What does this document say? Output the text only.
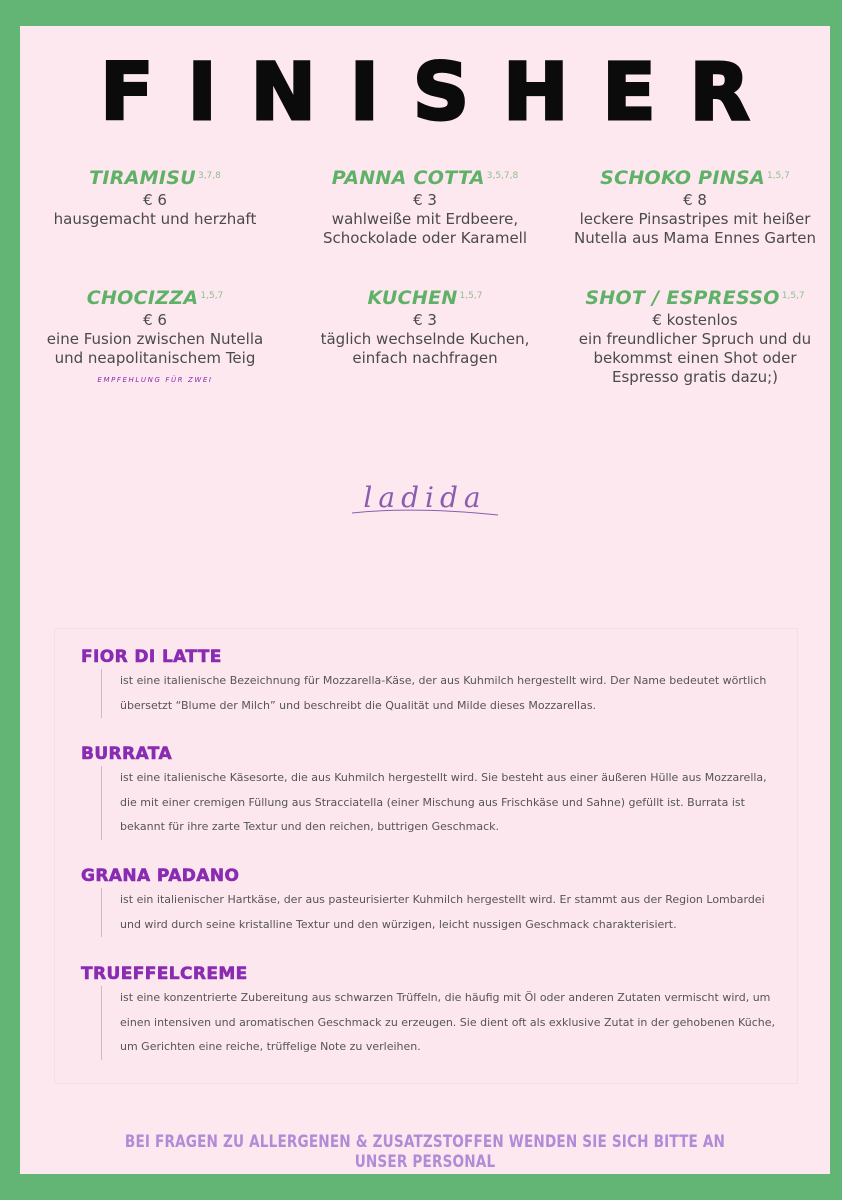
FINISHER
TIRAMISU $^{3,7,8}$
€ 6
hausgemacht und herzhaft
PANNA COTTA $^{3,5,7,8}$
€ 3
wahlweiße mit Erdbeere,
Schockolade oder Karamell
SCHOKO PINSA $^{1,5,7}$
€ 8
leckere Pinsastripes mit heißer
Nutella aus Mama Ennes Garten
CHOCIZZA $^{1,5,7}$
€ 6
eine Fusion zwischen Nutella
und neapolitanischem Teig
EMPFEHLUNG FÜR ZWEI
KUCHEN $^{1,5,7}$
€ 3
täglich wechselnde Kuchen,
einfach nachfragen
SHOT / ESPRESSO $^{1,5,7}$
€ kostenlos
ein freundlicher Spruch und du
bekommst einen Shot oder
Espresso gratis dazu;)
ladida
FIOR DI LATTE
ist eine italienische Bezeichnung für Mozzarella-Käse, der aus Kuhmilch hergestellt wird. Der Name bedeutet wörtlich
übersetzt “Blume der Milch” und beschreibt die Qualität und Milde dieses Mozzarellas.
BURRATA
ist eine italienische Käsesorte, die aus Kuhmilch hergestellt wird. Sie besteht aus einer äußeren Hülle aus Mozzarella,
die mit einer cremigen Füllung aus Stracciatella (einer Mischung aus Frischkäse und Sahne) gefüllt ist. Burrata ist
bekannt für ihre zarte Textur und den reichen, buttrigen Geschmack.
GRANA PADANO
ist ein italienischer Hartkäse, der aus pasteurisierter Kuhmilch hergestellt wird. Er stammt aus der Region Lombardei
und wird durch seine kristalline Textur und den würzigen, leicht nussigen Geschmack charakterisiert.
TRUEFFELCREME
ist eine konzentrierte Zubereitung aus schwarzen Trüffeln, die häufig mit Öl oder anderen Zutaten vermischt wird, um
einen intensiven und aromatischen Geschmack zu erzeugen. Sie dient oft als exklusive Zutat in der gehobenen Küche,
um Gerichten eine reiche, trüffelige Note zu verleihen.
BEI FRAGEN ZU ALLERGENEN & ZUSATZSTOFFEN WENDEN SIE SICH BITTE AN UNSER PERSONAL
